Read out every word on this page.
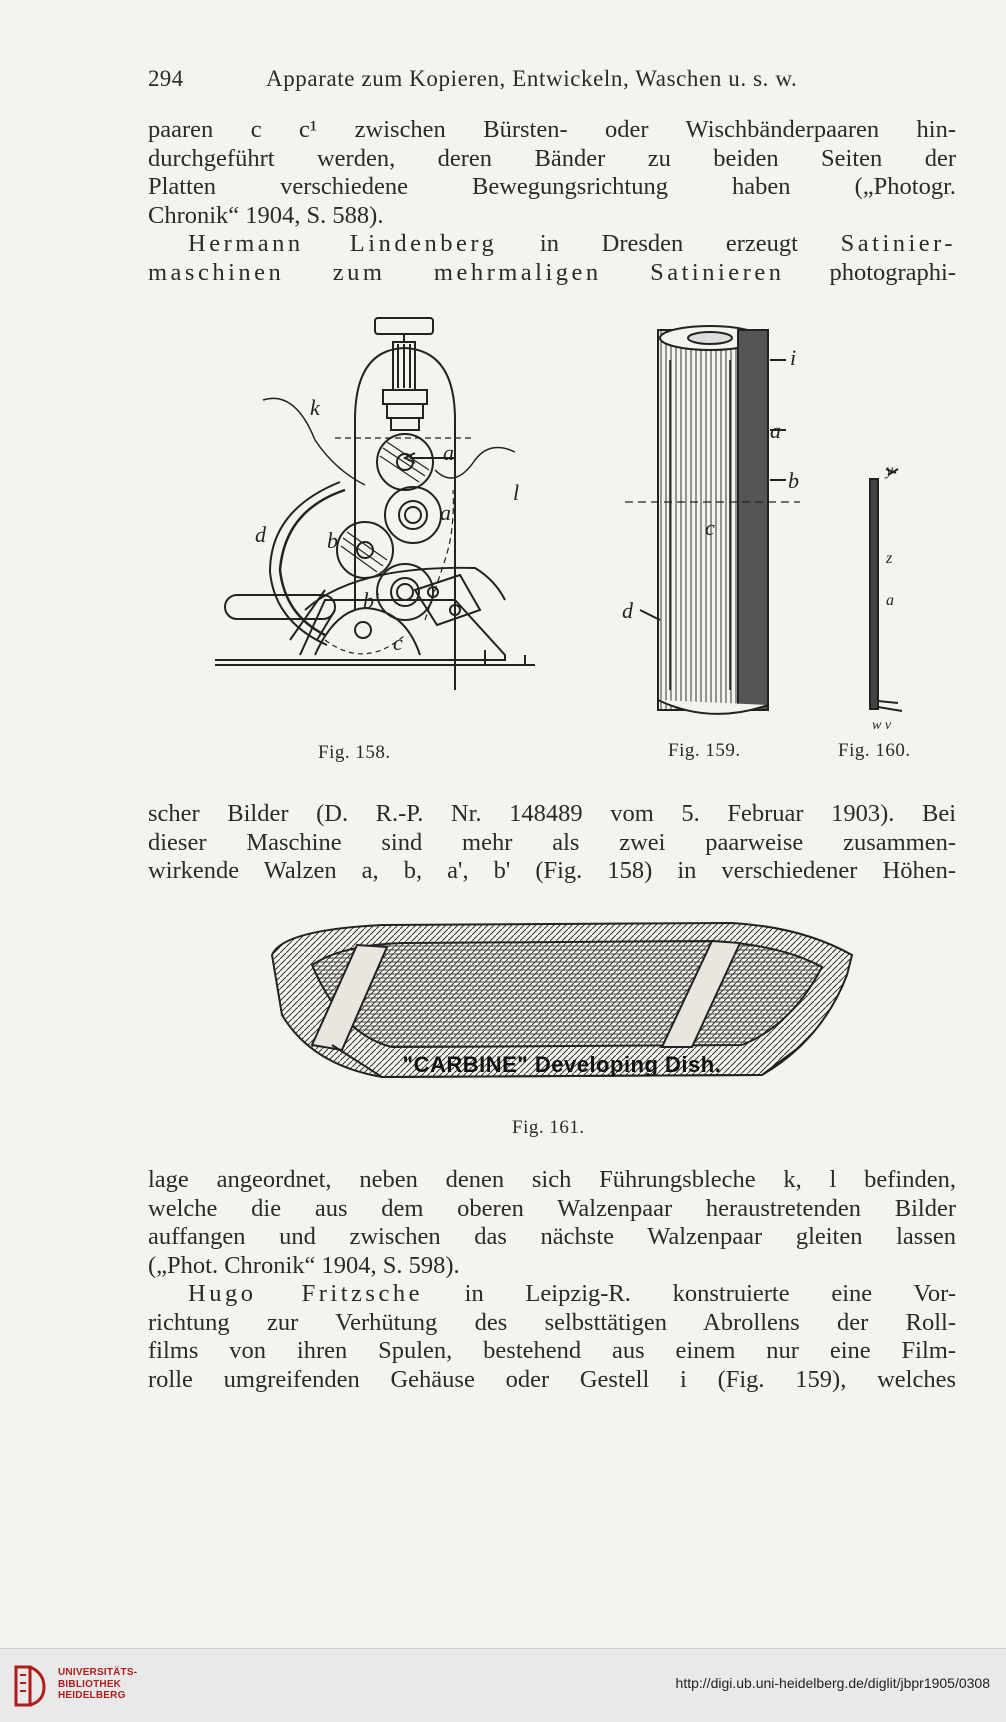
294	Apparate zum Kopieren, Entwickeln, Waschen u. s. w.

paaren c c¹ zwischen Bürsten- oder Wischbänderpaaren hin-
durchgeführt werden, deren Bänder zu beiden Seiten der
Platten verschiedene Bewegungsrichtung haben („Photogr.
Chronik“ 1904, S. 588).

Hermann Lindenberg in Dresden erzeugt Satinier-
maschinen zum mehrmaligen Satinieren photographi-

k
a
l
a'
d	b
b'
c
Fig. 158.
i
a
b
c
d
Fig. 159.
y
z
a
w v
Fig. 160.

scher Bilder (D. R.-P. Nr. 148489 vom 5. Februar 1903). Bei
dieser Maschine sind mehr als zwei paarweise zusammen-
wirkende Walzen a, b, a', b' (Fig. 158) in verschiedener Höhen-

"CARBINE" Developing Dish.
Fig. 161.

lage angeordnet, neben denen sich Führungsbleche k, l befinden,
welche die aus dem oberen Walzenpaar heraustretenden Bilder
auffangen und zwischen das nächste Walzenpaar gleiten lassen
(„Phot. Chronik“ 1904, S. 598).

Hugo Fritzsche in Leipzig-R. konstruierte eine Vor-
richtung zur Verhütung des selbsttätigen Abrollens der Roll-
films von ihren Spulen, bestehend aus einem nur eine Film-
rolle umgreifenden Gehäuse oder Gestell i (Fig. 159), welches

UNIVERSITÄTS-
BIBLIOTHEK
HEIDELBERG
http://digi.ub.uni-heidelberg.de/diglit/jbpr1905/0308
